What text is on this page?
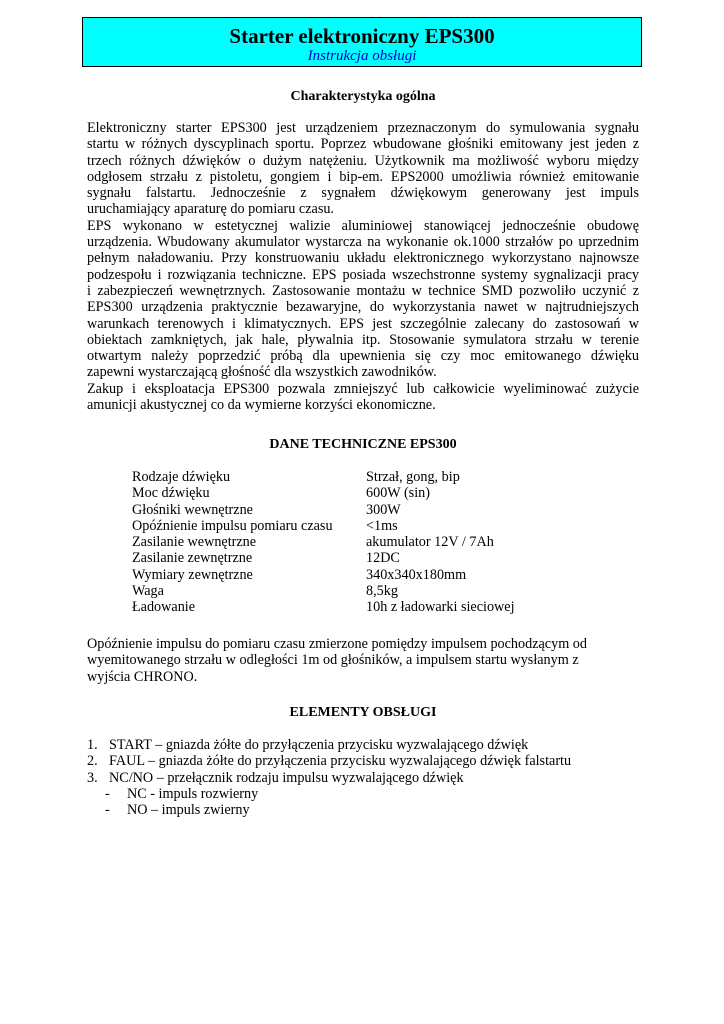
Starter elektroniczny EPS300
Instrukcja obsługi
Charakterystyka ogólna
Elektroniczny starter EPS300 jest urządzeniem przeznaczonym do symulowania sygnału
startu w różnych dyscyplinach sportu. Poprzez wbudowane głośniki emitowany jest jeden z
trzech różnych dźwięków o dużym natężeniu. Użytkownik ma możliwość wyboru między
odgłosem strzału z pistoletu, gongiem i bip-em. EPS2000 umożliwia również emitowanie
sygnału falstartu. Jednocześnie z sygnałem dźwiękowym generowany jest impuls
uruchamiający aparaturę do pomiaru czasu.
EPS wykonano w estetycznej walizie aluminiowej stanowiącej jednocześnie obudowę
urządzenia. Wbudowany akumulator wystarcza na wykonanie ok.1000 strzałów po uprzednim
pełnym naładowaniu. Przy konstruowaniu układu elektronicznego wykorzystano najnowsze
podzespołu i rozwiązania techniczne. EPS posiada wszechstronne systemy sygnalizacji pracy
i zabezpieczeń wewnętrznych. Zastosowanie montażu w technice SMD pozwoliło uczynić z
EPS300 urządzenia praktycznie bezawaryjne, do wykorzystania nawet w najtrudniejszych
warunkach terenowych i klimatycznych. EPS jest szczególnie zalecany do zastosowań w
obiektach zamkniętych, jak hale, pływalnia itp. Stosowanie symulatora strzału w terenie
otwartym należy poprzedzić próbą dla upewnienia się czy moc emitowanego dźwięku
zapewni wystarczającą głośność dla wszystkich zawodników.
Zakup i eksploatacja EPS300 pozwala zmniejszyć lub całkowicie wyeliminować zużycie
amunicji akustycznej co da wymierne korzyści ekonomiczne.
DANE TECHNICZNE EPS300
Rodzaje dźwięku	Strzał, gong, bip
Moc dźwięku	600W (sin)
Głośniki wewnętrzne	300W
Opóźnienie impulsu pomiaru czasu	<1ms
Zasilanie wewnętrzne	akumulator 12V / 7Ah
Zasilanie zewnętrzne	12DC
Wymiary zewnętrzne	340x340x180mm
Waga	8,5kg
Ładowanie	10h z ładowarki sieciowej
Opóźnienie impulsu do pomiaru czasu zmierzone pomiędzy impulsem pochodzącym od
wyemitowanego strzału w odległości 1m od głośników, a impulsem startu wysłanym z
wyjścia CHRONO.
ELEMENTY OBSŁUGI
1. START – gniazda żółte do przyłączenia przycisku wyzwalającego dźwięk
2. FAUL – gniazda żółte do przyłączenia przycisku wyzwalającego dźwięk falstartu
3. NC/NO – przełącznik rodzaju impulsu wyzwalającego dźwięk
- NC - impuls rozwierny
- NO – impuls zwierny
